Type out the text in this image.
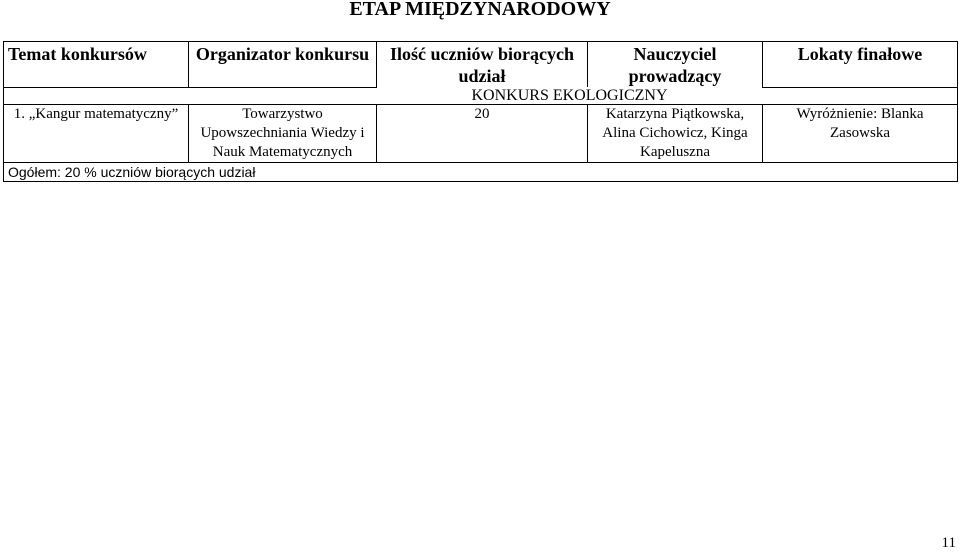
ETAP MIĘDZYNARODOWY
Temat konkursów	Organizator konkursu	Ilość uczniów biorących udział	Nauczyciel prowadzący	Lokaty finałowe
		KONKURS EKOLOGICZNY		
1. „Kangur matematyczny”	Towarzystwo Upowszechniania Wiedzy i Nauk Matematycznych	20	Katarzyna Piątkowska, Alina Cichowicz, Kinga Kapeluszna	Wyróżnienie: Blanka Zasowska
Ogółem: 20 % uczniów biorących udział				
11
